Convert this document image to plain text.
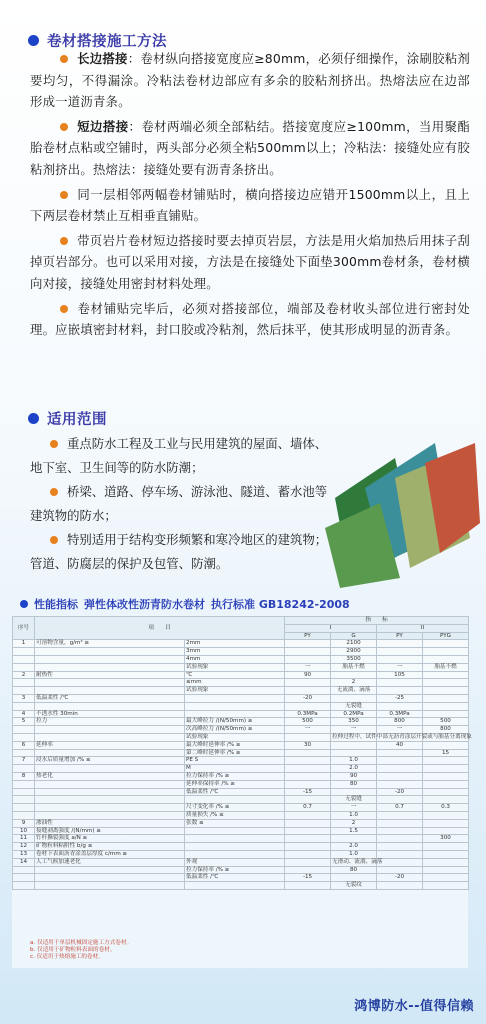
卷材搭接施工方法
长边搭接：卷材纵向搭接宽度应≥80mm，必须仔细操作，涂刷胶粘剂要均匀，不得漏涂。冷粘法卷材边部应有多余的胶粘剂挤出。热熔法应在边部形成一道沥青条。
短边搭接：卷材两端必须全部粘结。搭接宽度应≥100mm，当用聚酯胎卷材点粘或空铺时，两头部分必须全粘500mm以上；冷粘法：接缝处应有胶粘剂挤出。热熔法：接缝处要有沥青条挤出。
同一层相邻两幅卷材铺贴时，横向搭接边应错开1500mm以上，且上下两层卷材禁止互相垂直铺贴。
带页岩片卷材短边搭接时要去掉页岩层，方法是用火焰加热后用抹子刮掉页岩部分。也可以采用对接，方法是在接缝处下面垫300mm卷材条，卷材横向对接，接缝处用密封材料处理。
卷材铺贴完毕后，必须对搭接部位，端部及卷材收头部位进行密封处理。应嵌填密封材料，封口胶或冷粘剂，然后抹平，使其形成明显的沥青条。
适用范围
重点防水工程及工业与民用建筑的屋面、墙体、地下室、卫生间等的防水防潮；
桥梁、道路、停车场、游泳池、隧道、蓄水池等建筑物的防水；
特别适用于结构变形频繁和寒冷地区的建筑物；管道、防腐层的保护及包管、防潮。
性能指标 弹性体改性沥青防水卷材 执行标准 GB18242-2008
序号	项　　目		指　　标			
			I		II	
			PY	G	PY	PYG
1	可溶物含量，g/m² ≥	2mm		2100		
		3mm		2900		
		4mm		3500		
		试验现象	一	胎基不燃	一	胎基不燃
2	耐热性	℃	90		105	
		≤mm		2		
		试验现象		无流淌、滴落		
3	低温柔性 /℃		-20		-25	
				无裂缝		
4	不透水性 30min		0.3MPa	0.2MPa	0.3MPa	
5	拉力	最大峰拉力 /(N/50mm) ≥	500	350	800	500
		次高峰拉力 /(N/50mm) ≥	一	一	一	800
		试验现象		拉伸过程中，试件中部无沥青涂层开裂或与胎基分离现象		
6	延伸率	最大峰时延伸率 /% ≥	30		40	
		第二峰时延伸率 /% ≥				15
7	浸水后质量增加 /% ≤	PE S		1.0		
		M		2.0		
8	热老化	拉力保持率 /% ≥		90		
		延伸率保持率 /% ≥		80		
		低温柔性 /℃	-15		-20	
				无裂缝		
		尺寸变化率 /% ≤	0.7	一	0.7	0.3
		质量损失 /% ≤		1.0		
9	渗油性	张数 ≤		2		
10	接缝剥离强度 /(N/mm) ≥			1.5		
11	钉杆撕裂强度 a/N ≥					300
12	矿物粒料粘附性 b/g ≤			2.0		
13	卷材下表面沥青涂盖层厚度 c/mm ≥			1.0		
14	人工气候加速老化	外观		无滑动、流淌、滴落		
		拉力保持率 /% ≥		80		
		低温柔性 /℃	-15		-20	
				无裂纹		
a. 仅适用于单层机械固定施工方式卷材。
b. 仅适用于矿物粒料表面的卷材。
c. 仅适用于热熔施工的卷材。
鸿博防水--值得信赖
